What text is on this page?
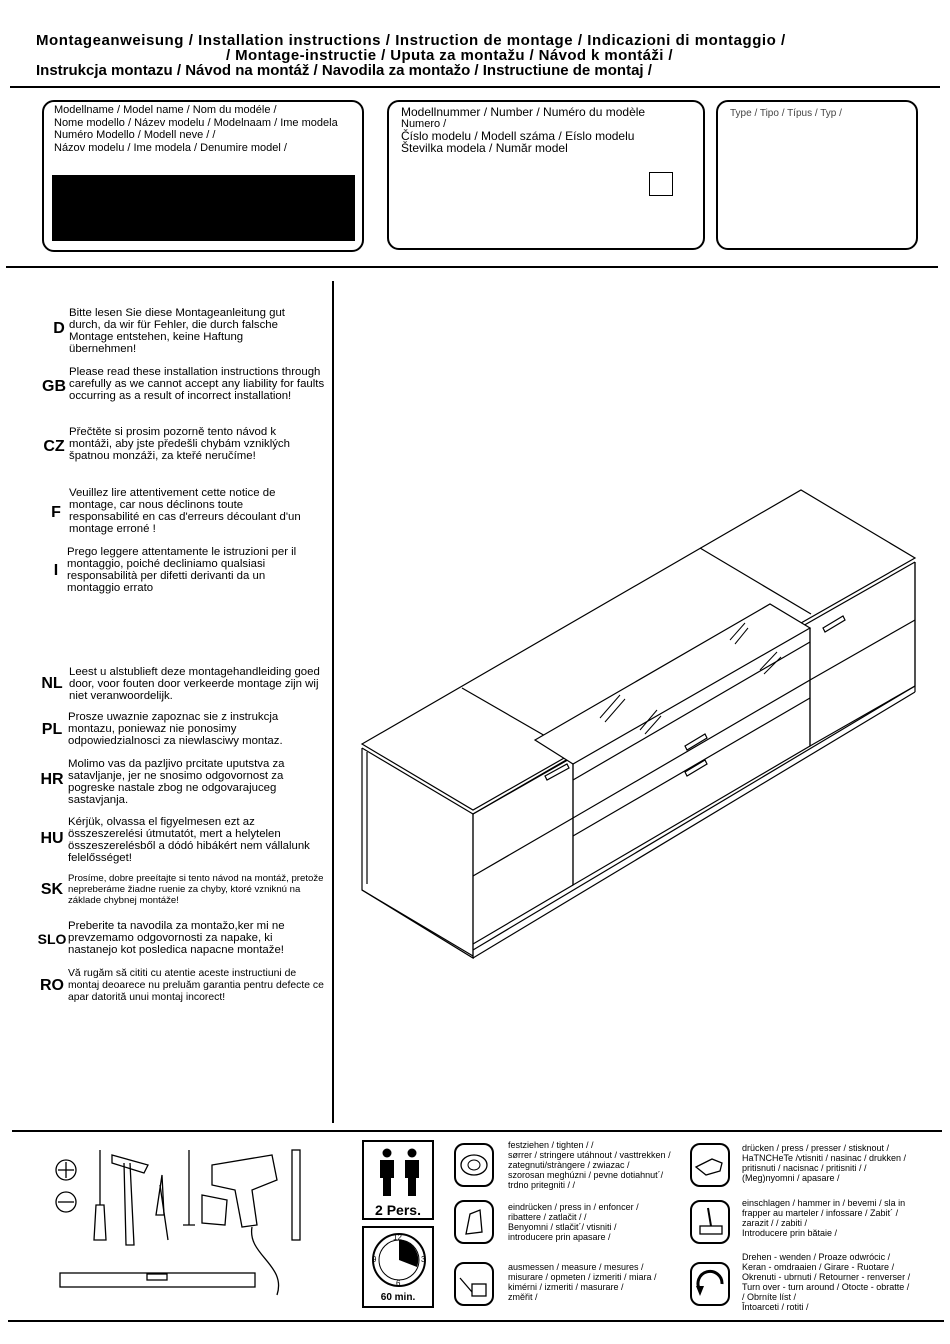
Montageanweisung / Installation instructions / Instruction de montage / Indicazioni di montaggio /
/ Montage-instructie / Uputa za montažu / Návod k montáži /
Instrukcja montazu / Návod na montáž / Navodila za montažo / Instructiune de montaj /
Modellname / Model name / Nom du modéle /
Nome modello / Název modelu / Modelnaam / Ime modela
Numéro Modello / Modell neve / /
Názov modelu / Ime modela / Denumire model /
Modellnummer / Number / Numéro du modèle
Numero /
Číslo modelu / Modell száma / Eíslo modelu
Številka modela / Număr model
Type / Tipo / Típus / Typ /
D
Bitte lesen Sie diese Montageanleitung gut durch, da wir für Fehler, die durch falsche Montage entstehen, keine Haftung übernehmen!
GB
Please read these installation instructions through carefully as we cannot accept any liability for faults occurring as a result of incorrect installation!
CZ
Přečtěte si prosim pozorně tento návod k montáži, aby jste předešli chybám vzniklých špatnou monzáži, za kteřé neručíme!
F
Veuillez lire attentivement cette notice de montage, car nous déclinons toute responsabilité en cas d'erreurs découlant d'un montage erroné !
I
Prego leggere attentamente le istruzioni per il montaggio, poiché decliniamo qualsiasi responsabilità per difetti derivanti da un montaggio errato
NL
Leest u alstublieft deze montagehandleiding goed door, voor fouten door verkeerde montage zijn wij niet veranwoordelijk.
PL
Prosze uwaznie zapoznac sie z instrukcja montazu, poniewaz nie ponosimy odpowiedzialnosci za niewlasciwy montaz.
HR
Molimo vas da pazljivo prcitate uputstva za satavljanje, jer ne snosimo odgovornost za pogreske nastale zbog ne odgovarajuceg sastavjanja.
HU
Kérjük, olvassa el figyelmesen ezt az összeszerelési útmutatót, mert a helytelen összeszerelésből a dódó hibákért nem vállalunk felelősséget!
SK
Prosíme, dobre preeítajte si tento návod na montáž, pretože nepreberáme žiadne ruenie za chyby, ktoré vzniknú na základe chybnej montáže!
SLO
Preberite ta navodila za montažo,ker mi ne prevzemamo odgovornosti za napake, ki nastanejo kot posledica napacne montaže!
RO
Vă rugăm să cititi cu atentie aceste instructiuni de montaj deoarece nu preluăm garantia pentru defecte ce apar datorită unui montaj incorect!
2 Pers.
12
3
6
9
60 min.
festziehen / tighten / /
sørrer / stringere utáhnout / vasttrekken /
zategnuti/stràngere / zwiazac /
szorosan meghúzni / pevne dotiahnut´/
trdno pritegniti / /
drücken / press / presser / stisknout /
HaTNCHeTe /vtisniti / nasinac / drukken /
pritisnuti / nacisnac / pritisniti / /
(Meg)nyomni / apasare /
eindrücken / press in / enfoncer /
ribattere / zatlačit / /
Benyomni / stlačit´/ vtisniti /
introducere prin apasare /
einschlagen / hammer in / bevemi / sla in
frapper au marteler / infossare / Zabit´ /
zarazit / / zabiti /
Introducere prin bătaie /
ausmessen / measure / mesures /
misurare / opmeten / izmeriti / miara /
kimérni / izmeriti / masurare /
změřit /
Drehen - wenden / Proaze odwrócic /
Keran - omdraaien / Girare - Ruotare /
Okrenuti - ubrnuti / Retourner - renverser /
Turn over - turn around / Otocte - obratte /
/ Obrníte líst /
Întoarceti / rotiti /
